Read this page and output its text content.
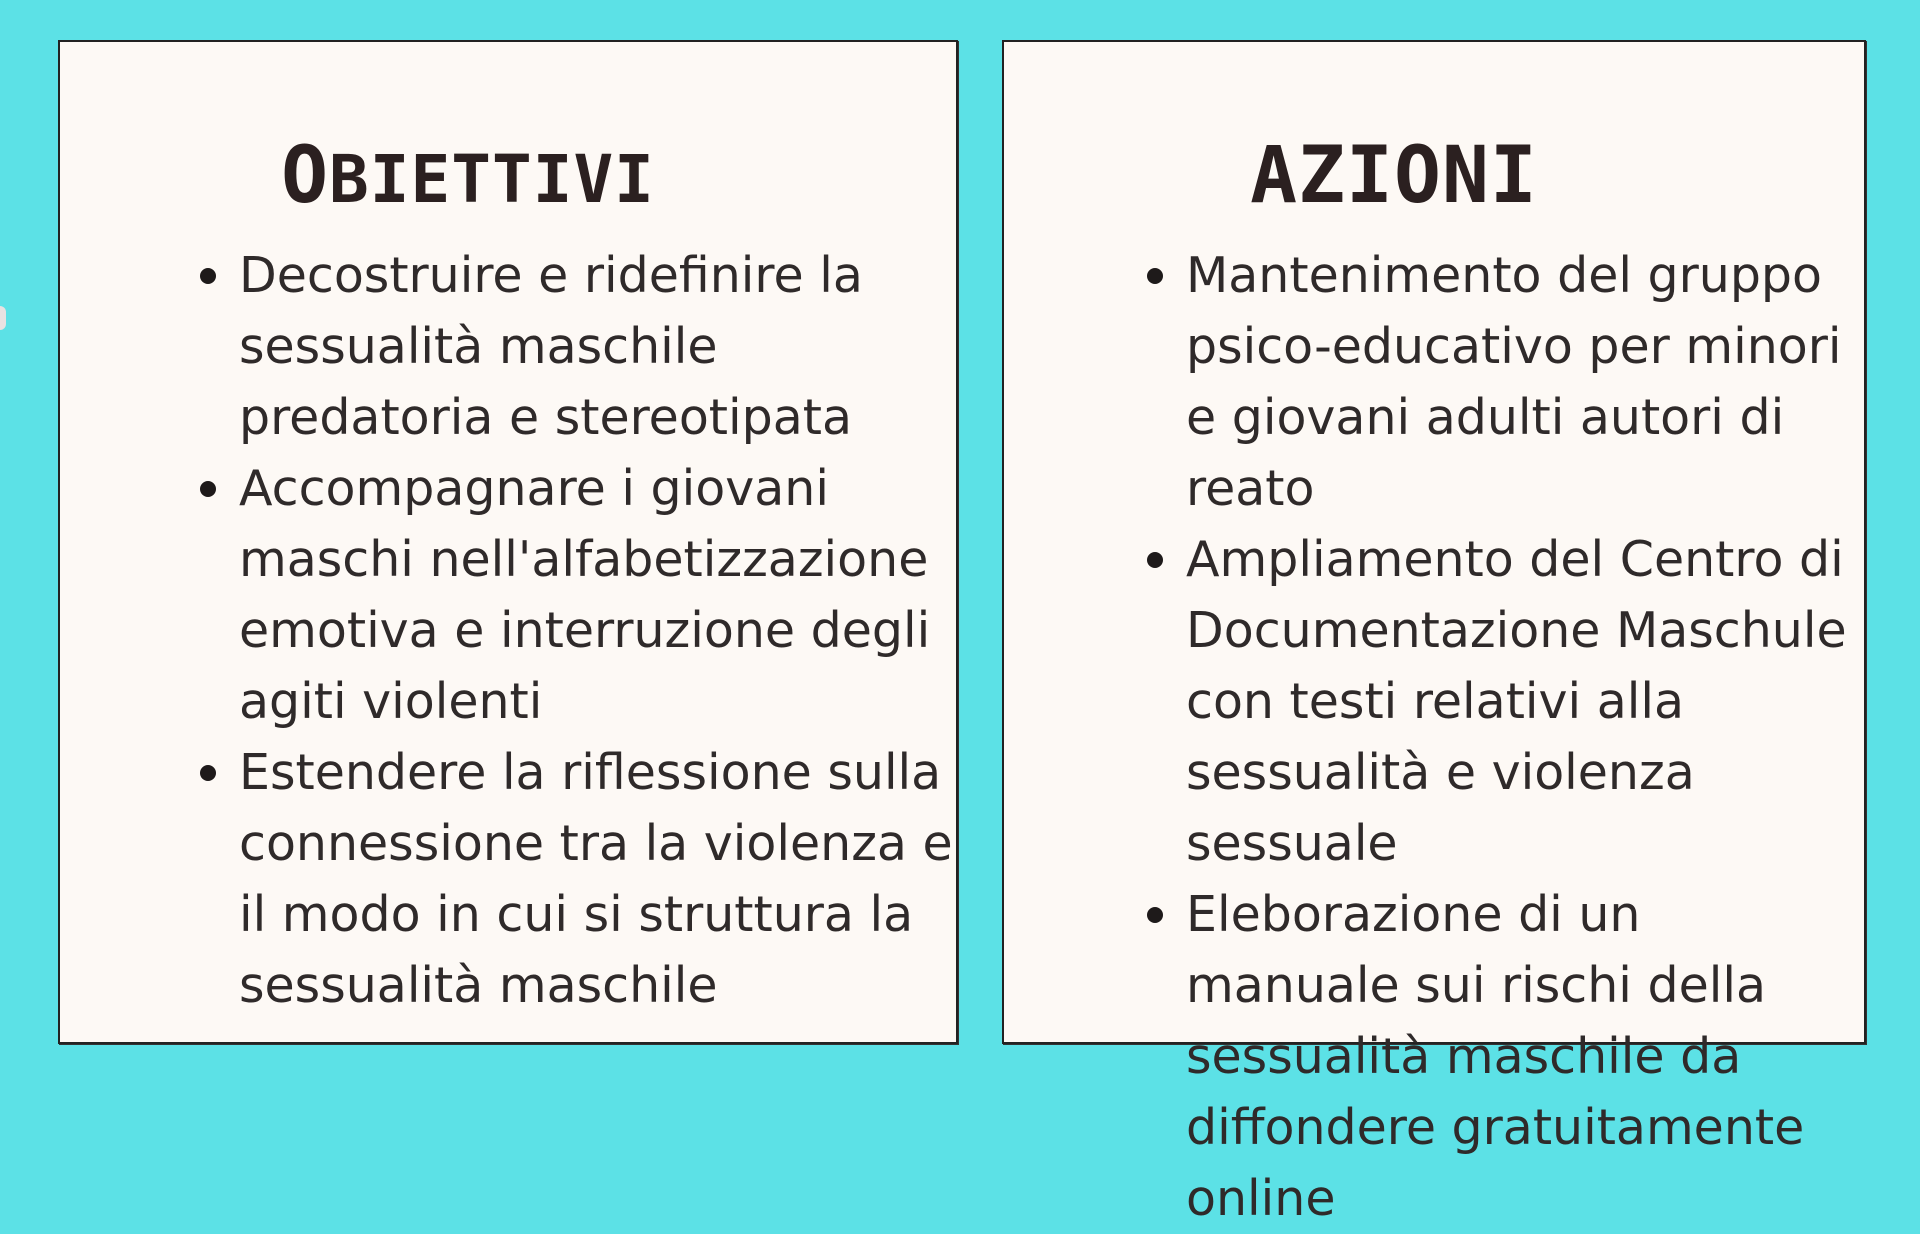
OBIETTIVI
Decostruire e ridefinire la sessualità maschile predatoria e stereotipata
Accompagnare i giovani maschi nell'alfabetizzazione emotiva e interruzione degli agiti violenti
Estendere la riflessione sulla connessione tra la violenza e il modo in cui si struttura la sessualità maschile
AZIONI
Mantenimento del gruppo psico-educativo per minori e giovani adulti autori di reato
Ampliamento del Centro di Documentazione Maschule con testi relativi alla sessualità e violenza sessuale
Eleborazione di un manuale sui rischi della sessualità maschile da diffondere gratuitamente online
